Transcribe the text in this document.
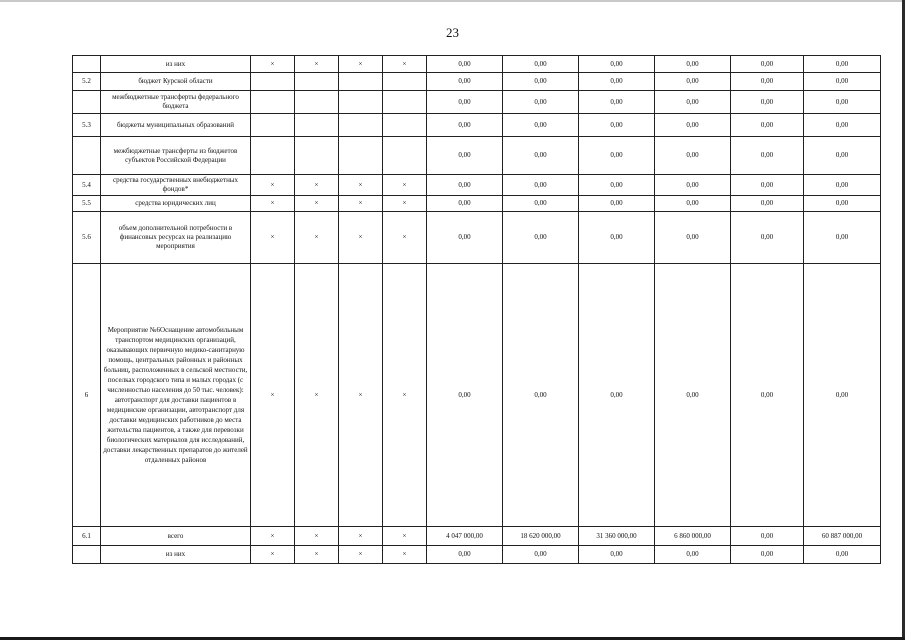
23
	из них	×	×	×	×	0,00	0,00	0,00	0,00	0,00	0,00
5.2	бюджет Курской области					0,00	0,00	0,00	0,00	0,00	0,00
	межбюджетные трансферты федерального бюджета					0,00	0,00	0,00	0,00	0,00	0,00
5.3	бюджеты муниципальных образований					0,00	0,00	0,00	0,00	0,00	0,00
	межбюджетные трансферты из бюджетов субъектов Российской Федерации					0,00	0,00	0,00	0,00	0,00	0,00
5.4	средства государственных внебюджетных фондов*	×	×	×	×	0,00	0,00	0,00	0,00	0,00	0,00
5.5	средства юридических лиц	×	×	×	×	0,00	0,00	0,00	0,00	0,00	0,00
5.6	объем дополнительной потребности в финансовых ресурсах на реализацию мероприятия	×	×	×	×	0,00	0,00	0,00	0,00	0,00	0,00
6	Мероприятие №6Оснащение автомобильным транспортом медицинских организаций, оказывающих первичную медико-санитарную помощь, центральных районных и районных больниц, расположенных в сельской местности, поселках городского типа и малых городах (с численностью населения до 50 тыс. человек): автотранспорт для доставки пациентов в медицинские организации, автотранспорт для доставки медицинских работников до места жительства пациентов, а также для перевозки биологических материалов для исследований, доставки лекарственных препаратов до жителей отдаленных районов	×	×	×	×	0,00	0,00	0,00	0,00	0,00	0,00
6.1	всего	×	×	×	×	4 047 000,00	18 620 000,00	31 360 000,00	6 860 000,00	0,00	60 887 000,00
	из них	×	×	×	×	0,00	0,00	0,00	0,00	0,00	0,00
